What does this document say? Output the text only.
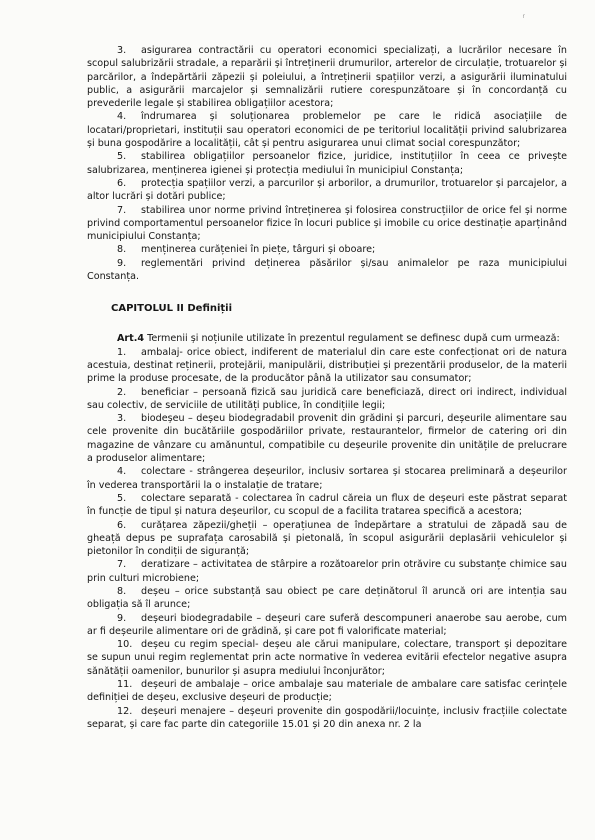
r

3. asigurarea contractării cu operatori economici specializați, a lucrărilor necesare în scopul salubrizării stradale, a reparării și întreținerii drumurilor, arterelor de circulație, trotuarelor și parcărilor, a îndepărtării zăpezii și poleiului, a întreținerii spațiilor verzi, a asigurării iluminatului public, a asigurării marcajelor și semnalizării rutiere corespunzătoare și în concordanță cu prevederile legale și stabilirea obligațiilor acestora;

4. îndrumarea și soluționarea problemelor pe care le ridică asociațiile de locatari/proprietari, instituții sau operatori economici de pe teritoriul localității privind salubrizarea și buna gospodărire a localității, cât și pentru asigurarea unui climat social corespunzător;

5. stabilirea obligațiilor persoanelor fizice, juridice, instituțiilor în ceea ce privește salubrizarea, menținerea igienei și protecția mediului în municipiul Constanța;

6. protecția spațiilor verzi, a parcurilor și arborilor, a drumurilor, trotuarelor și parcajelor, a altor lucrări și dotări publice;

7. stabilirea unor norme privind întreținerea și folosirea construcțiilor de orice fel și norme privind comportamentul persoanelor fizice în locuri publice și imobile cu orice destinație aparținând municipiului Constanța;

8. menținerea curățeniei în piețe, târguri și oboare;

9. reglementări privind deținerea păsărilor și/sau animalelor pe raza municipiului Constanța.

CAPITOLUL II Definiții

Art.4 Termenii și noțiunile utilizate în prezentul regulament se definesc după cum urmează:

1. ambalaj- orice obiect, indiferent de materialul din care este confecționat ori de natura acestuia, destinat reținerii, protejării, manipulării, distribuției și prezentării produselor, de la materii prime la produse procesate, de la producător până la utilizator sau consumator;

2. beneficiar – persoană fizică sau juridică care beneficiază, direct ori indirect, individual sau colectiv, de serviciile de utilități publice, în condițiile legii;

3. biodeșeu – deșeu biodegradabil provenit din grădini și parcuri, deșeurile alimentare sau cele provenite din bucătăriile gospodăriilor private, restaurantelor, firmelor de catering ori din magazine de vânzare cu amănuntul, compatibile cu deșeurile provenite din unitățile de prelucrare a produselor alimentare;

4. colectare - strângerea deșeurilor, inclusiv sortarea și stocarea preliminară a deșeurilor în vederea transportării la o instalație de tratare;

5. colectare separată - colectarea în cadrul căreia un flux de deșeuri este păstrat separat în funcție de tipul și natura deșeurilor, cu scopul de a facilita tratarea specifică a acestora;

6. curățarea zăpezii/gheții – operațiunea de îndepărtare a stratului de zăpadă sau de gheață depus pe suprafața carosabilă și pietonală, în scopul asigurării deplasării vehiculelor și pietonilor în condiții de siguranță;

7. deratizare – activitatea de stârpire a rozătoarelor prin otrăvire cu substanțe chimice sau prin culturi microbiene;

8. deșeu – orice substanță sau obiect pe care deținătorul îl aruncă ori are intenția sau obligația să îl arunce;

9. deșeuri biodegradabile – deșeuri care suferă descompuneri anaerobe sau aerobe, cum ar fi deșeurile alimentare ori de grădină, și care pot fi valorificate material;

10. deșeu cu regim special- deșeu ale cărui manipulare, colectare, transport și depozitare se supun unui regim reglementat prin acte normative în vederea evitării efectelor negative asupra sănătății oamenilor, bunurilor și asupra mediului înconjurător;

11. deșeuri de ambalaje – orice ambalaje sau materiale de ambalare care satisfac cerințele definiției de deșeu, exclusive deșeuri de producție;

12. deșeuri menajere – deșeuri provenite din gospodării/locuințe, inclusiv fracțiile colectate separat, și care fac parte din categoriile 15.01 și 20 din anexa nr. 2 la
